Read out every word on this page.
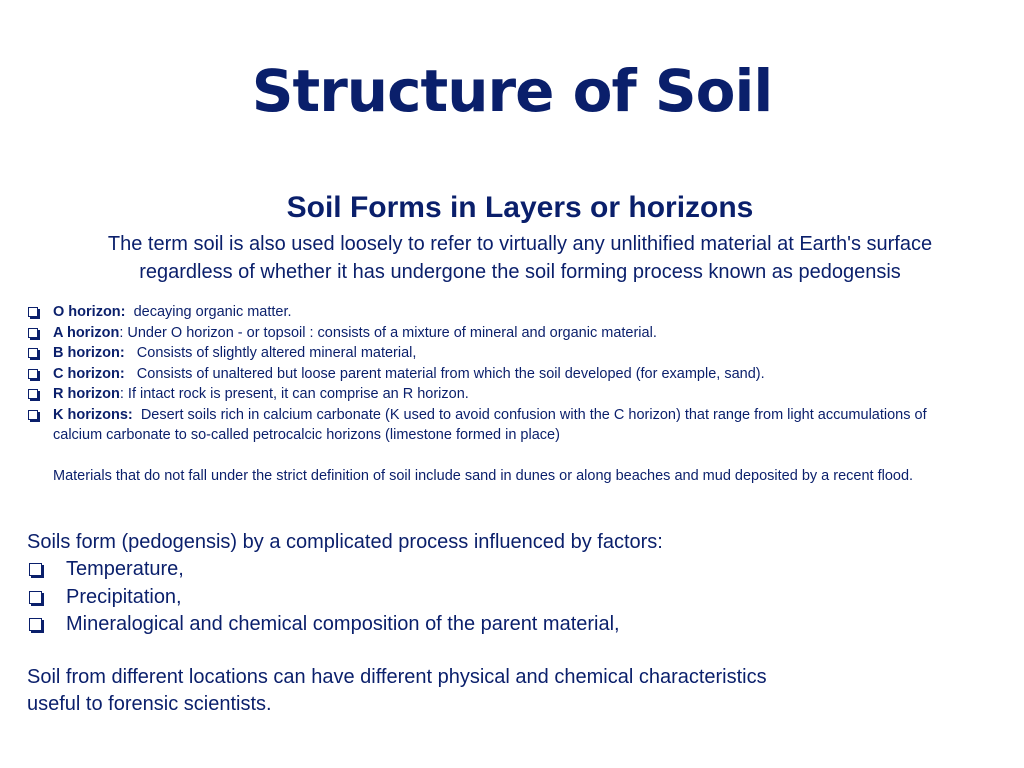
Structure of Soil
Soil Forms in Layers or horizons
The term soil is also used loosely to refer to virtually any unlithified material at Earth's surface
regardless of whether it has undergone the soil forming process known as pedogensis
O horizon: decaying organic matter.
A horizon: Under O horizon - or topsoil : consists of a mixture of mineral and organic material.
B horizon: Consists of slightly altered mineral material,
C horizon: Consists of unaltered but loose parent material from which the soil developed (for example, sand).
R horizon: If intact rock is present, it can comprise an R horizon.
K horizons: Desert soils rich in calcium carbonate (K used to avoid confusion with the C horizon) that range from light accumulations of calcium carbonate to so-called petrocalcic horizons (limestone formed in place)
Materials that do not fall under the strict definition of soil include sand in dunes or along beaches and mud deposited by a recent flood.
Soils form (pedogensis) by a complicated process influenced by factors:
Temperature,
Precipitation,
Mineralogical and chemical composition of the parent material,
Soil from different locations can have different physical and chemical characteristics
useful to forensic scientists.
